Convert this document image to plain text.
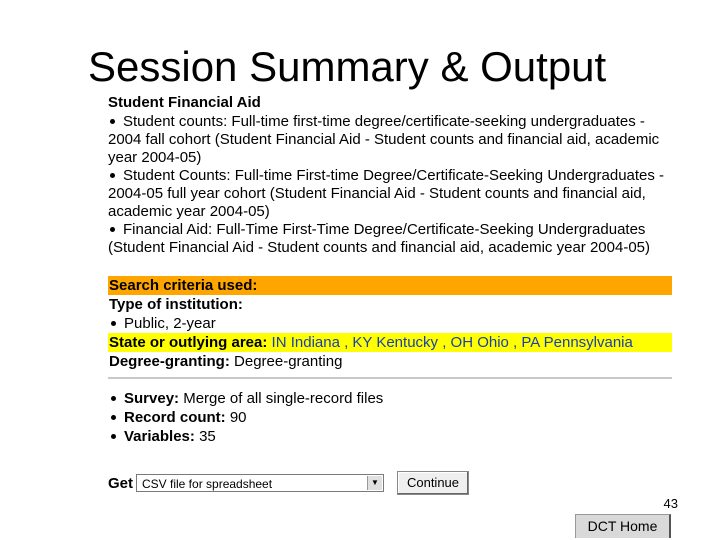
Session Summary & Output
Student Financial Aid
Student counts: Full-time first-time degree/certificate-seeking undergraduates - 2004 fall cohort (Student Financial Aid - Student counts and financial aid, academic year 2004-05)
Student Counts: Full-time First-time Degree/Certificate-Seeking Undergraduates - 2004-05 full year cohort (Student Financial Aid - Student counts and financial aid, academic year 2004-05)
Financial Aid: Full-Time First-Time Degree/Certificate-Seeking Undergraduates (Student Financial Aid - Student counts and financial aid, academic year 2004-05)
Search criteria used:
Type of institution:
Public, 2-year
State or outlying area: IN Indiana , KY Kentucky , OH Ohio , PA Pennsylvania
Degree-granting: Degree-granting
Survey: Merge of all single-record files
Record count: 90
Variables: 35
Get CSV file for spreadsheet	▼	Continue
43
DCT Home
